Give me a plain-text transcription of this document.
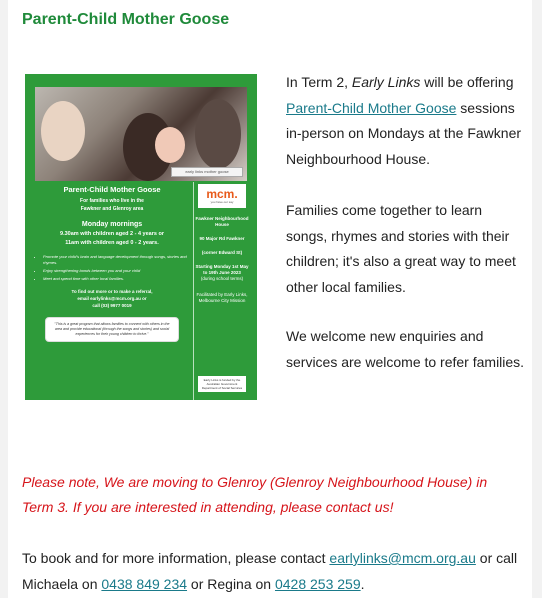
Parent-Child Mother Goose
early links mother goose
Parent-Child Mother Goose
For families who live in the
Fawkner and Glenroy area
Monday mornings
9.30am with children aged 2 - 4 years or
11am with children aged 0 - 2 years.
• Promote your child's brain and language development through songs, stories and rhymes.
• Enjoy strengthening bonds between you and your child
• Meet and spend time with other local families.
To find out more or to make a referral,
email earlylinks@mcm.org.au or
call (03) 9977 0019
"This is a great program that allows families to connect with others in the area and provide educational (through the songs and stories) and social experiences for their young children to thrive."
mcm.
you have our say
Fawkner Neighbourhood House
90 Major Rd Fawkner
(corner Edward St)
Starting Monday 1st May to 19th June 2023
(during school terms)
Facilitated by Early Links, Melbourne City Mission
Early Links is funded by the Australian Government Department of Social Services

In Term 2, Early Links will be offering Parent-Child Mother Goose sessions in-person on Mondays at the Fawkner Neighbourhood House.

Families come together to learn songs, rhymes and stories with their children; it's also a great way to meet other local families.

We welcome new enquiries and services are welcome to refer families.

Please note, We are moving to Glenroy (Glenroy Neighbourhood House) in Term 3. If you are interested in attending, please contact us!

To book and for more information, please contact earlylinks@mcm.org.au or call Michaela on 0438 849 234 or Regina on 0428 253 259.
